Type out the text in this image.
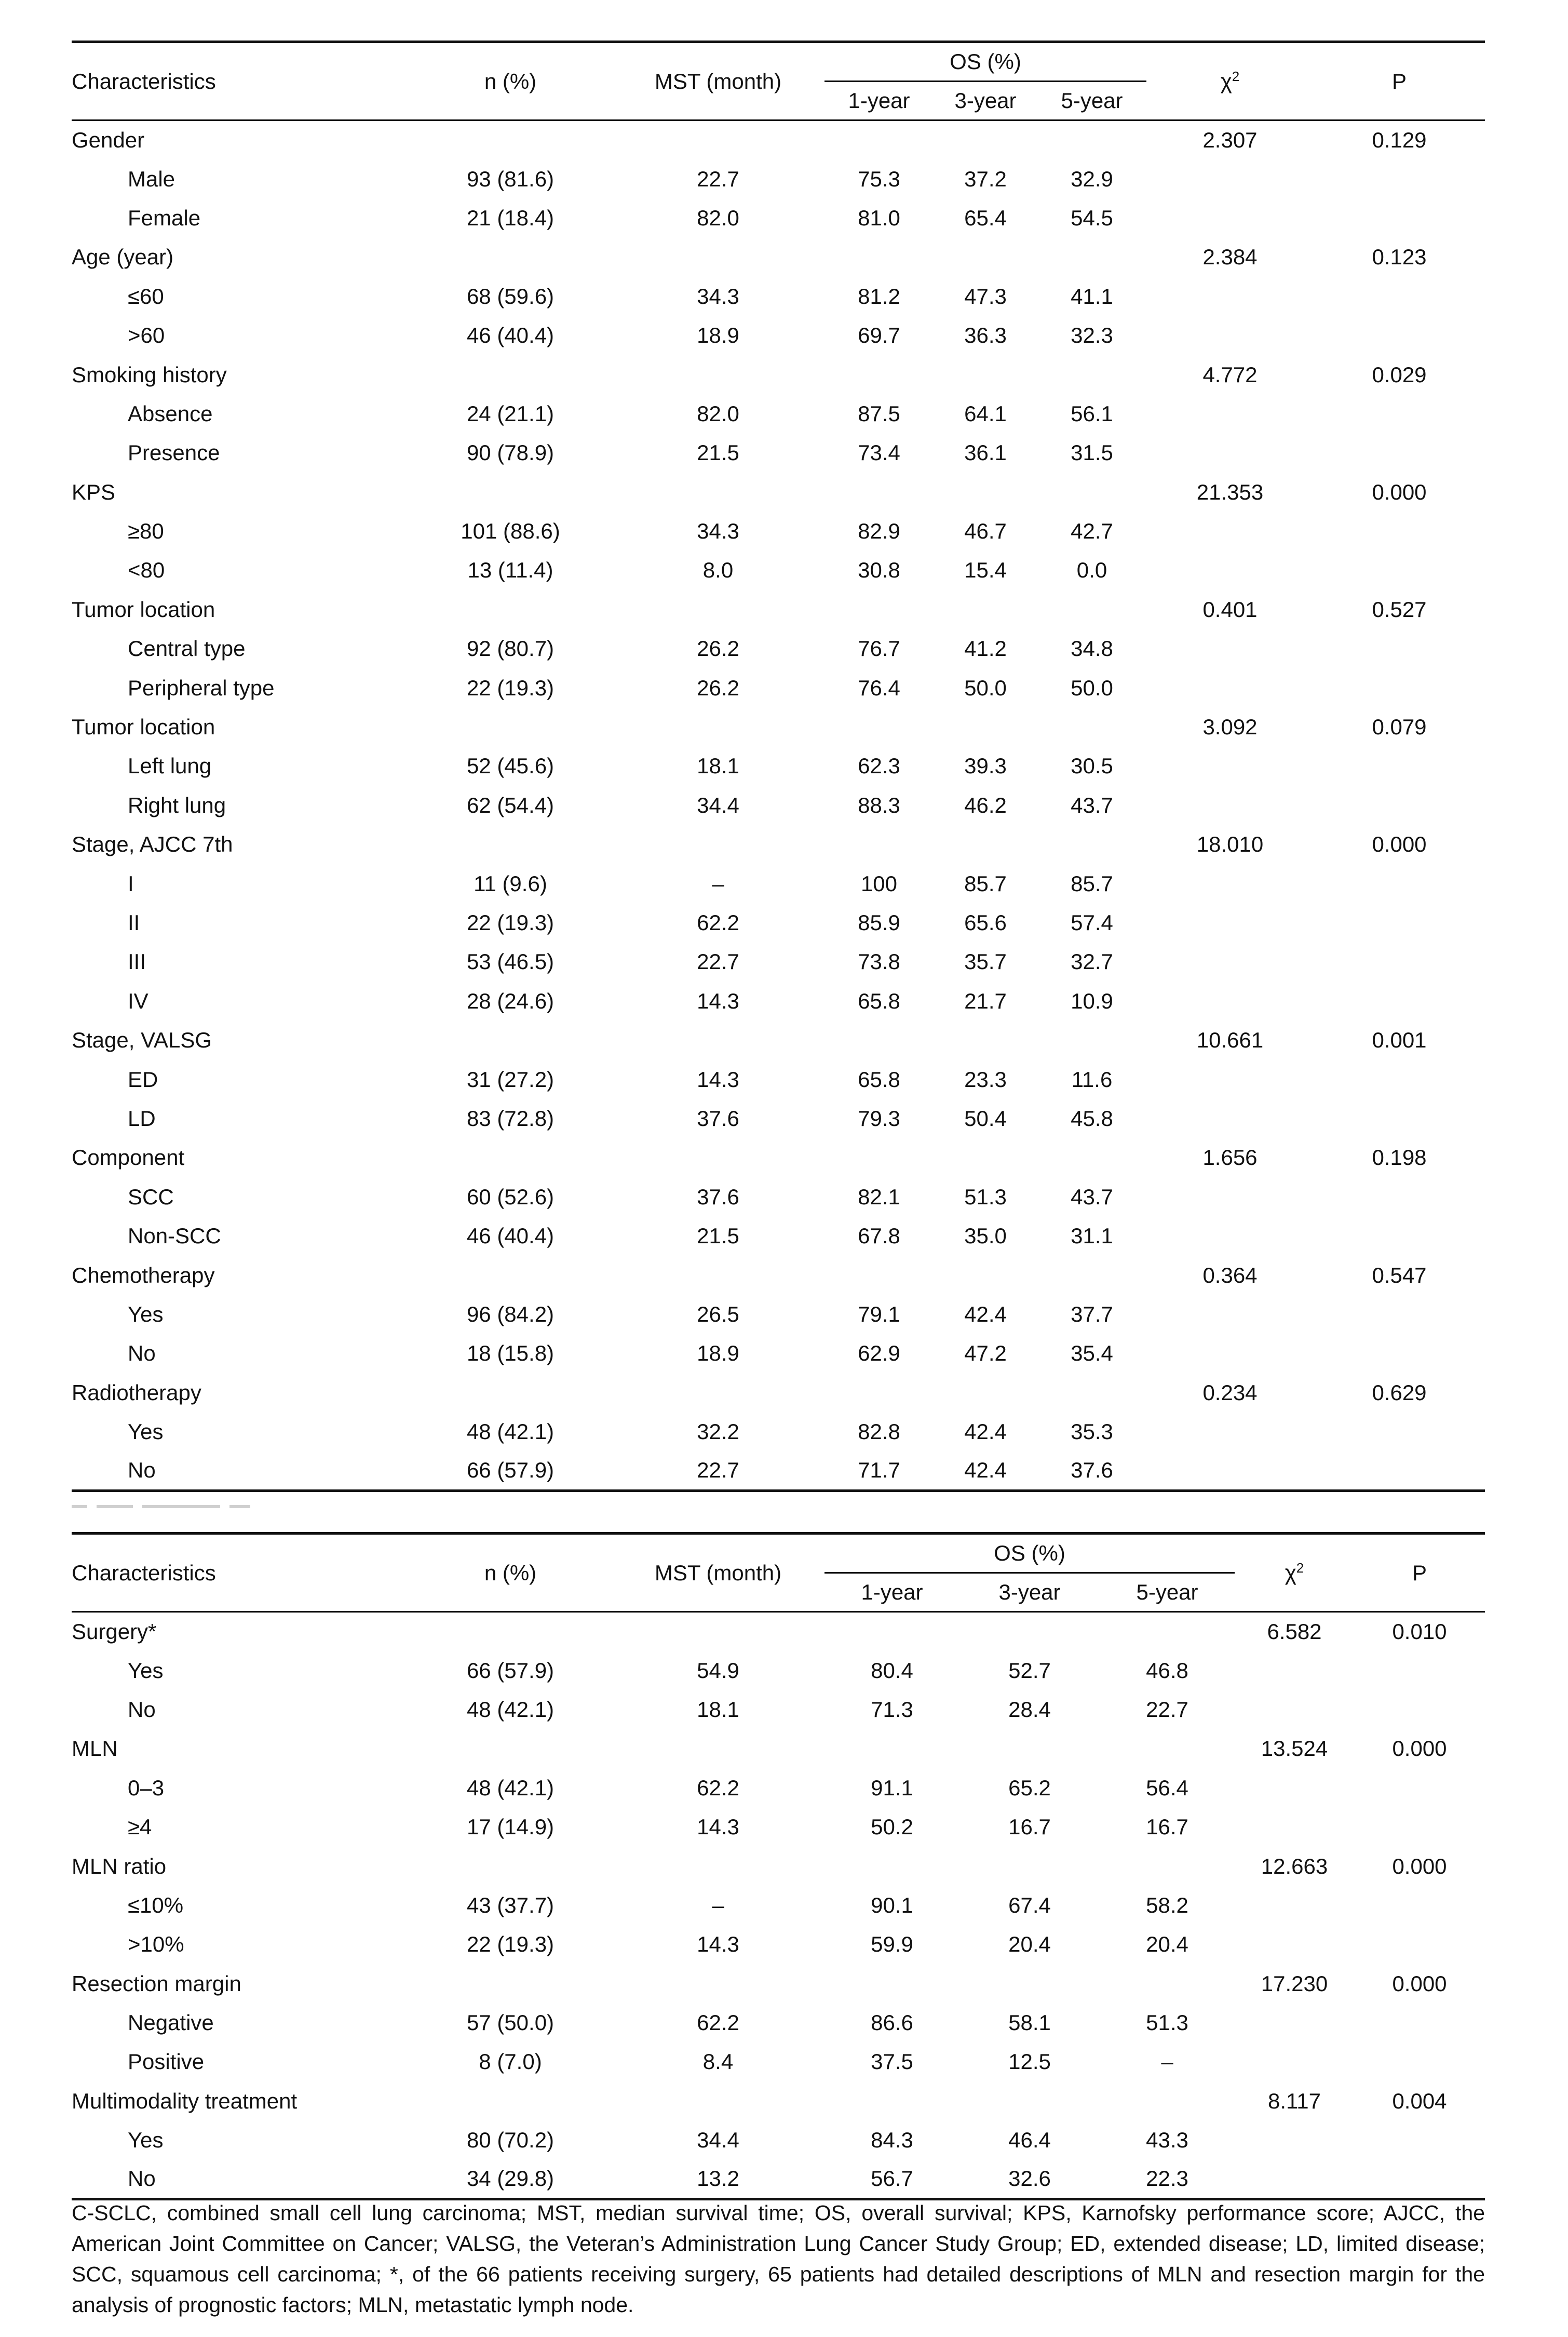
Characteristics	n (%)	MST (month)	OS (%)			$\chi^2$	P
			1-year	3-year	5-year		
Gender						2.307	0.129
Male	93 (81.6)	22.7	75.3	37.2	32.9		
Female	21 (18.4)	82.0	81.0	65.4	54.5		
Age (year)						2.384	0.123
≤60	68 (59.6)	34.3	81.2	47.3	41.1		
>60	46 (40.4)	18.9	69.7	36.3	32.3		
Smoking history						4.772	0.029
Absence	24 (21.1)	82.0	87.5	64.1	56.1		
Presence	90 (78.9)	21.5	73.4	36.1	31.5		
KPS						21.353	0.000
≥80	101 (88.6)	34.3	82.9	46.7	42.7		
<80	13 (11.4)	8.0	30.8	15.4	0.0		
Tumor location						0.401	0.527
Central type	92 (80.7)	26.2	76.7	41.2	34.8		
Peripheral type	22 (19.3)	26.2	76.4	50.0	50.0		
Tumor location						3.092	0.079
Left lung	52 (45.6)	18.1	62.3	39.3	30.5		
Right lung	62 (54.4)	34.4	88.3	46.2	43.7		
Stage, AJCC 7th						18.010	0.000
I	11 (9.6)	–	100	85.7	85.7		
II	22 (19.3)	62.2	85.9	65.6	57.4		
III	53 (46.5)	22.7	73.8	35.7	32.7		
IV	28 (24.6)	14.3	65.8	21.7	10.9		
Stage, VALSG						10.661	0.001
ED	31 (27.2)	14.3	65.8	23.3	11.6		
LD	83 (72.8)	37.6	79.3	50.4	45.8		
Component						1.656	0.198
SCC	60 (52.6)	37.6	82.1	51.3	43.7		
Non-SCC	46 (40.4)	21.5	67.8	35.0	31.1		
Chemotherapy						0.364	0.547
Yes	96 (84.2)	26.5	79.1	42.4	37.7		
No	18 (15.8)	18.9	62.9	47.2	35.4		
Radiotherapy						0.234	0.629
Yes	48 (42.1)	32.2	82.8	42.4	35.3		
No	66 (57.9)	22.7	71.7	42.4	37.6		
Characteristics	n (%)	MST (month)	OS (%)			$\chi^2$	P
			1-year	3-year	5-year		
Surgery*						6.582	0.010
Yes	66 (57.9)	54.9	80.4	52.7	46.8		
No	48 (42.1)	18.1	71.3	28.4	22.7		
MLN						13.524	0.000
0–3	48 (42.1)	62.2	91.1	65.2	56.4		
≥4	17 (14.9)	14.3	50.2	16.7	16.7		
MLN ratio						12.663	0.000
≤10%	43 (37.7)	–	90.1	67.4	58.2		
>10%	22 (19.3)	14.3	59.9	20.4	20.4		
Resection margin						17.230	0.000
Negative	57 (50.0)	62.2	86.6	58.1	51.3		
Positive	8 (7.0)	8.4	37.5	12.5	–		
Multimodality treatment						8.117	0.004
Yes	80 (70.2)	34.4	84.3	46.4	43.3		
No	34 (29.8)	13.2	56.7	32.6	22.3		
C-SCLC, combined small cell lung carcinoma; MST, median survival time; OS, overall survival; KPS, Karnofsky performance score; AJCC, the American Joint Committee on Cancer; VALSG, the Veteran’s Administration Lung Cancer Study Group; ED, extended disease; LD, limited disease; SCC, squamous cell carcinoma; *, of the 66 patients receiving surgery, 65 patients had detailed descriptions of MLN and resection margin for the analysis of prognostic factors; MLN, metastatic lymph node.
